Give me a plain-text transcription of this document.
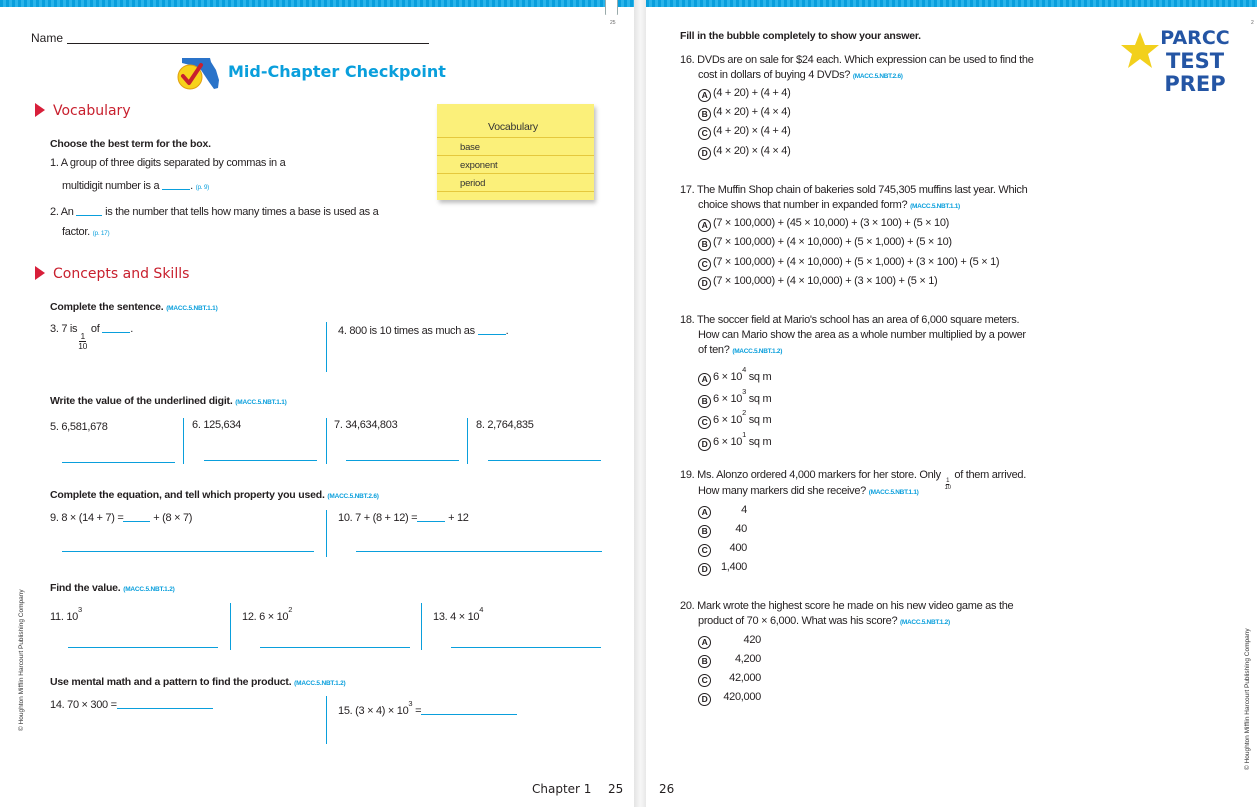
25	2
Name
Mid-Chapter Checkpoint
Vocabulary
Choose the best term for the box.
1. A group of three digits separated by commas in a
multidigit number is a	. (p. 9)
2. An	is the number that tells how many times a base is used as a
factor. (p. 17)
Vocabulary
base
exponent
period
Concepts and Skills
Complete the sentence. (MACC.5.NBT.1.1)
3. 7 is
$\frac{1}{10}$
of	.	4. 800 is 10 times as much as	.
Write the value of the underlined digit. (MACC.5.NBT.1.1)
5. 6,581,678	6. 125,634	7. 34,634,803	8. 2,764,835
Complete the equation, and tell which property you used. (MACC.5.NBT.2.6)
9. 8 × (14 + 7) =	+ (8 × 7)	10. 7 + (8 + 12) =	+ 12
Find the value. (MACC.5.NBT.1.2)
11. $10^3$
12. $6 \times 10^2$
13. $4 \times 10^4$
Use mental math and a pattern to find the product. (MACC.5.NBT.1.2)
14. 70 × 300 =	15. $(3 \times 4) \times 10^3$ =
© Houghton Mifflin Harcourt Publishing Company
Chapter 1 25
Fill in the bubble completely to show your answer.	PARCC
TEST
PREP
16. DVDs are on sale for $24 each. Which expression can be used to find the
cost in dollars of buying 4 DVDs? (MACC.5.NBT.2.6)
A (4 + 20) + (4 + 4)
B (4 × 20) + (4 × 4)
C (4 + 20) × (4 + 4)
D (4 × 20) × (4 × 4)
17. The Muffin Shop chain of bakeries sold 745,305 muffins last year. Which
choice shows that number in expanded form? (MACC.5.NBT.1.1)
A (7 × 100,000) + (45 × 10,000) + (3 × 100) + (5 × 10)
B (7 × 100,000) + (4 × 10,000) + (5 × 1,000) + (5 × 10)
C (7 × 100,000) + (4 × 10,000) + (5 × 1,000) + (3 × 100) + (5 × 1)
D (7 × 100,000) + (4 × 10,000) + (3 × 100) + (5 × 1)
18. The soccer field at Mario's school has an area of 6,000 square meters.
How can Mario show the area as a whole number multiplied by a power
of ten? (MACC.5.NBT.1.2)
A $6 \times 10^4$ sq m
B $6 \times 10^3$ sq m
C $6 \times 10^2$ sq m
D $6 \times 10^1$ sq m
19. Ms. Alonzo ordered 4,000 markers for her store. Only
$\frac{1}{10}$
of them arrived.
How many markers did she receive? (MACC.5.NBT.1.1)
A	4
B	40
C 400
D 1,400
20. Mark wrote the highest score he made on his new video game as the
product of 70 × 6,000. What was his score? (MACC.5.NBT.1.2)
A	420
B	4,200
C 42,000
D 420,000	© Houghton Mifflin Harcourt Publishing Company
26
